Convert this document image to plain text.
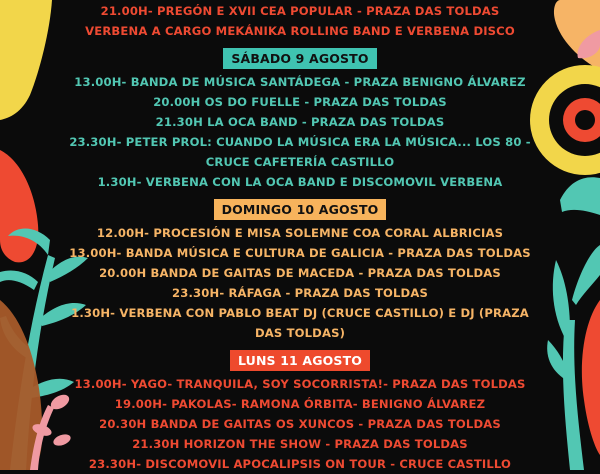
21.00H- PREGÓN E XVII CEA POPULAR - PRAZA DAS TOLDAS
VERBENA A CARGO MEKÁNIKA ROLLING BAND E VERBENA DISCO
SÁBADO 9 AGOSTO
13.00H- BANDA DE MÚSICA SANTÁDEGA - PRAZA BENIGNO ÁLVAREZ
20.00H OS DO FUELLE - PRAZA DAS TOLDAS
21.30H LA OCA BAND - PRAZA DAS TOLDAS
23.30H- PETER PROL: CUANDO LA MÚSICA ERA LA MÚSICA... LOS 80 -
CRUCE CAFETERÍA CASTILLO
1.30H- VERBENA CON LA OCA BAND E DISCOMOVIL VERBENA
DOMINGO 10 AGOSTO
12.00H- PROCESIÓN E MISA SOLEMNE COA CORAL ALBRICIAS
13.00H- BANDA MÚSICA E CULTURA DE GALICIA - PRAZA DAS TOLDAS
20.00H BANDA DE GAITAS DE MACEDA - PRAZA DAS TOLDAS
23.30H- RÁFAGA - PRAZA DAS TOLDAS
1.30H- VERBENA CON PABLO BEAT DJ (CRUCE CASTILLO) E DJ (PRAZA
DAS TOLDAS)
LUNS 11 AGOSTO
13.00H- YAGO- TRANQUILA, SOY SOCORRISTA!- PRAZA DAS TOLDAS
19.00H- PAKOLAS- RAMONA ÓRBITA- BENIGNO ÁLVAREZ
20.30H BANDA DE GAITAS OS XUNCOS - PRAZA DAS TOLDAS
21.30H HORIZON THE SHOW - PRAZA DAS TOLDAS
23.30H- DISCOMOVIL APOCALIPSIS ON TOUR - CRUCE CASTILLO
